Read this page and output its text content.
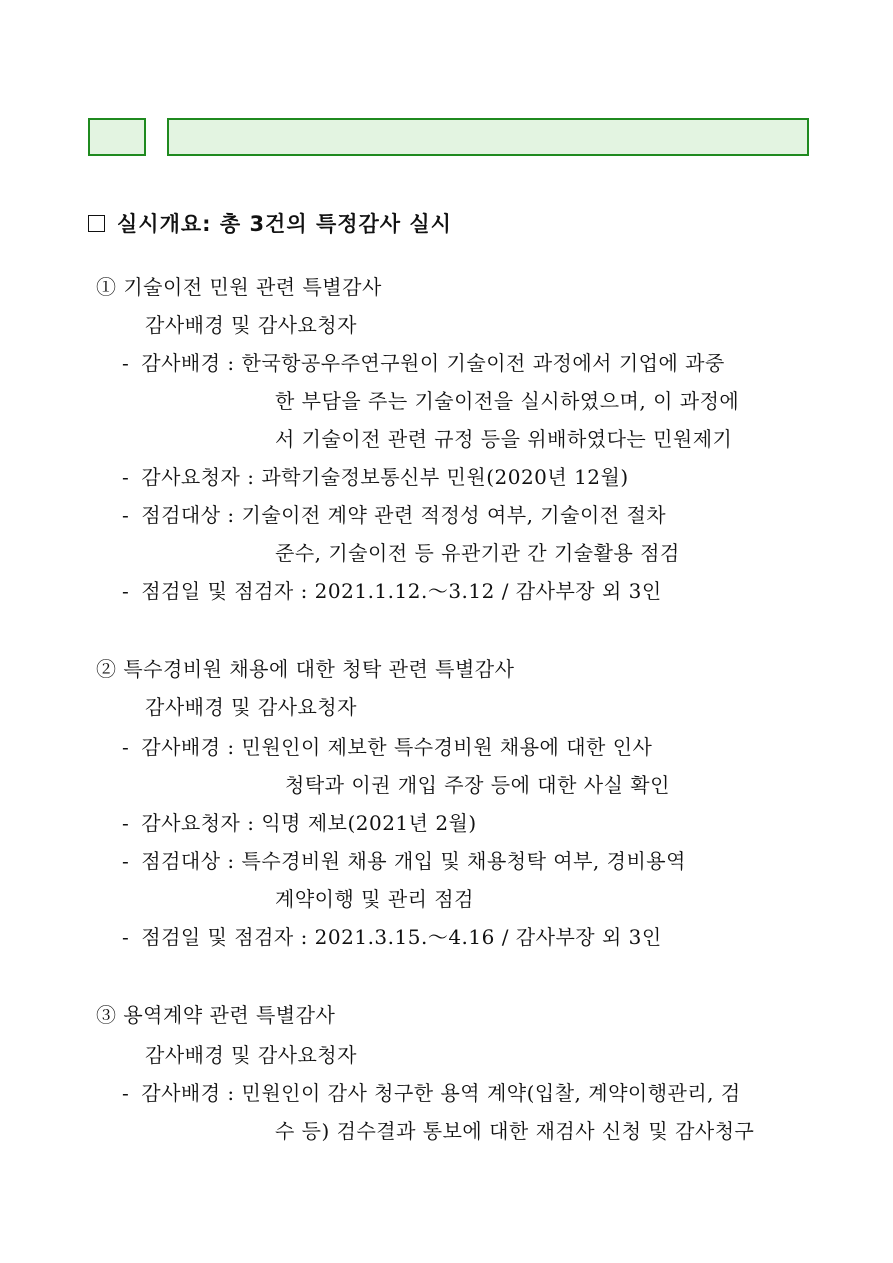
실시개요: 총 3건의 특정감사 실시
① 기술이전 민원 관련 특별감사
감사배경 및 감사요청자
- 감사배경 : 한국항공우주연구원이 기술이전 과정에서 기업에 과중
한 부담을 주는 기술이전을 실시하였으며, 이 과정에
서 기술이전 관련 규정 등을 위배하였다는 민원제기
- 감사요청자 : 과학기술정보통신부 민원(2020년 12월)
- 점검대상 : 기술이전 계약 관련 적정성 여부, 기술이전 절차
준수, 기술이전 등 유관기관 간 기술활용 점검
- 점검일 및 점검자 : 2021.1.12.～3.12 / 감사부장 외 3인
② 특수경비원 채용에 대한 청탁 관련 특별감사
감사배경 및 감사요청자
- 감사배경 : 민원인이 제보한 특수경비원 채용에 대한 인사
청탁과 이권 개입 주장 등에 대한 사실 확인
- 감사요청자 : 익명 제보(2021년 2월)
- 점검대상 : 특수경비원 채용 개입 및 채용청탁 여부, 경비용역
계약이행 및 관리 점검
- 점검일 및 점검자 : 2021.3.15.～4.16 / 감사부장 외 3인
③ 용역계약 관련 특별감사
감사배경 및 감사요청자
- 감사배경 : 민원인이 감사 청구한 용역 계약(입찰, 계약이행관리, 검
수 등) 검수결과 통보에 대한 재검사 신청 및 감사청구
